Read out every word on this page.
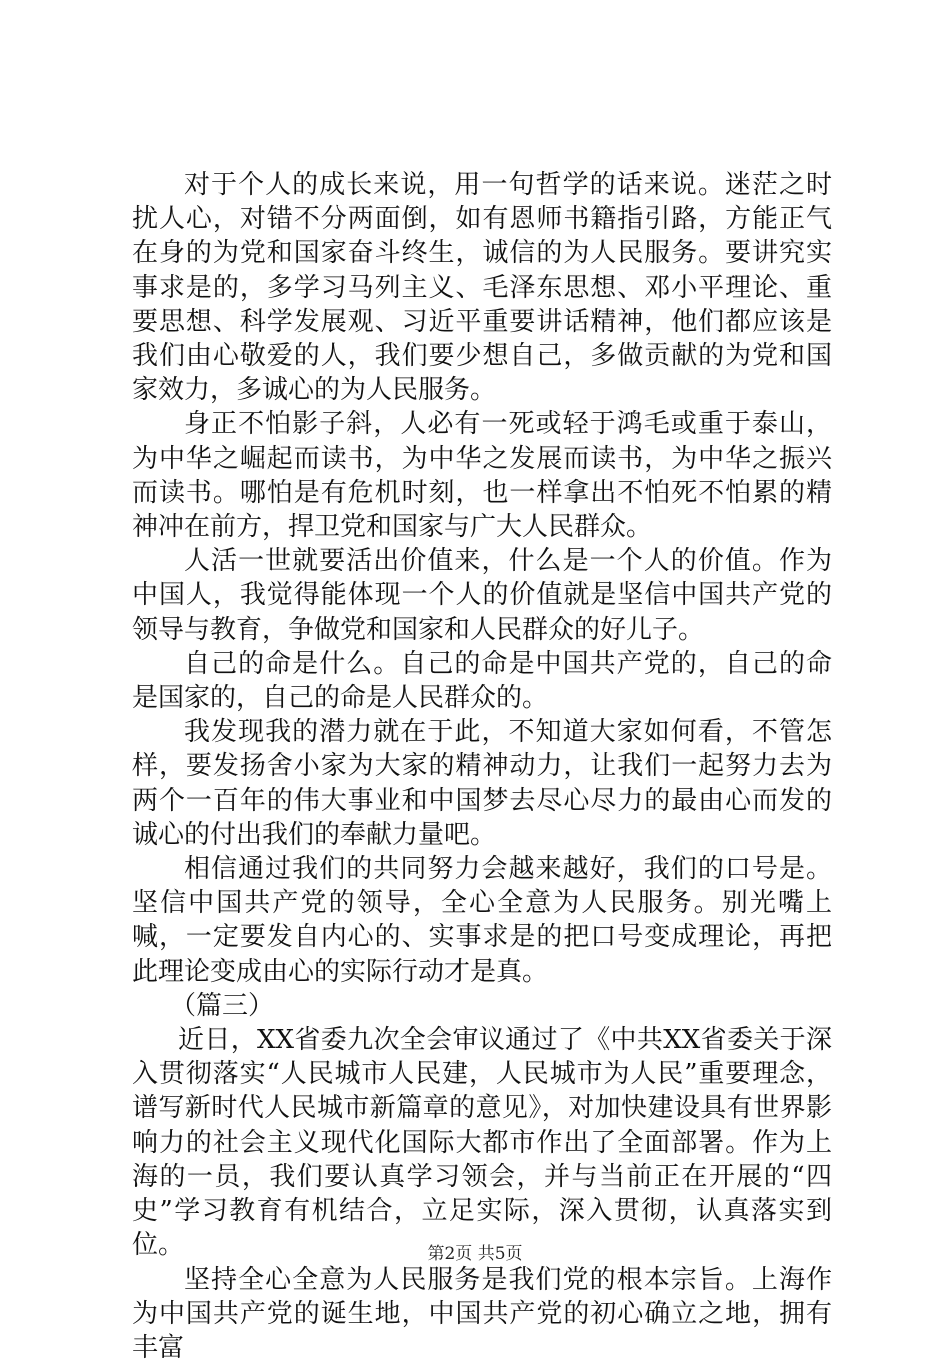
对于个人的成长来说，用一句哲学的话来说。迷茫之时扰人心，对错不分两面倒，如有恩师书籍指引路，方能正气在身的为党和国家奋斗终生，诚信的为人民服务。要讲究实事求是的，多学习马列主义、毛泽东思想、邓小平理论、重要思想、科学发展观、习近平重要讲话精神，他们都应该是我们由心敬爱的人，我们要少想自己，多做贡献的为党和国家效力，多诚心的为人民服务。

身正不怕影子斜，人必有一死或轻于鸿毛或重于泰山，为中华之崛起而读书，为中华之发展而读书，为中华之振兴而读书。哪怕是有危机时刻，也一样拿出不怕死不怕累的精神冲在前方，捍卫党和国家与广大人民群众。

人活一世就要活出价值来，什么是一个人的价值。作为中国人，我觉得能体现一个人的价值就是坚信中国共产党的领导与教育，争做党和国家和人民群众的好儿子。

自己的命是什么。自己的命是中国共产党的，自己的命是国家的，自己的命是人民群众的。

我发现我的潜力就在于此，不知道大家如何看，不管怎样，要发扬舍小家为大家的精神动力，让我们一起努力去为两个一百年的伟大事业和中国梦去尽心尽力的最由心而发的诚心的付出我们的奉献力量吧。

相信通过我们的共同努力会越来越好，我们的口号是。坚信中国共产党的领导，全心全意为人民服务。别光嘴上喊，一定要发自内心的、实事求是的把口号变成理论，再把此理论变成由心的实际行动才是真。

（篇三）

近日，XX省委九次全会审议通过了《中共XX省委关于深入贯彻落实“人民城市人民建，人民城市为人民”重要理念，谱写新时代人民城市新篇章的意见》，对加快建设具有世界影响力的社会主义现代化国际大都市作出了全面部署。作为上海的一员，我们要认真学习领会，并与当前正在开展的“四史”学习教育有机结合，立足实际，深入贯彻，认真落实到位。

坚持全心全意为人民服务是我们党的根本宗旨。上海作为中国共产党的诞生地，中国共产党的初心确立之地，拥有丰富

第2页 共5页
